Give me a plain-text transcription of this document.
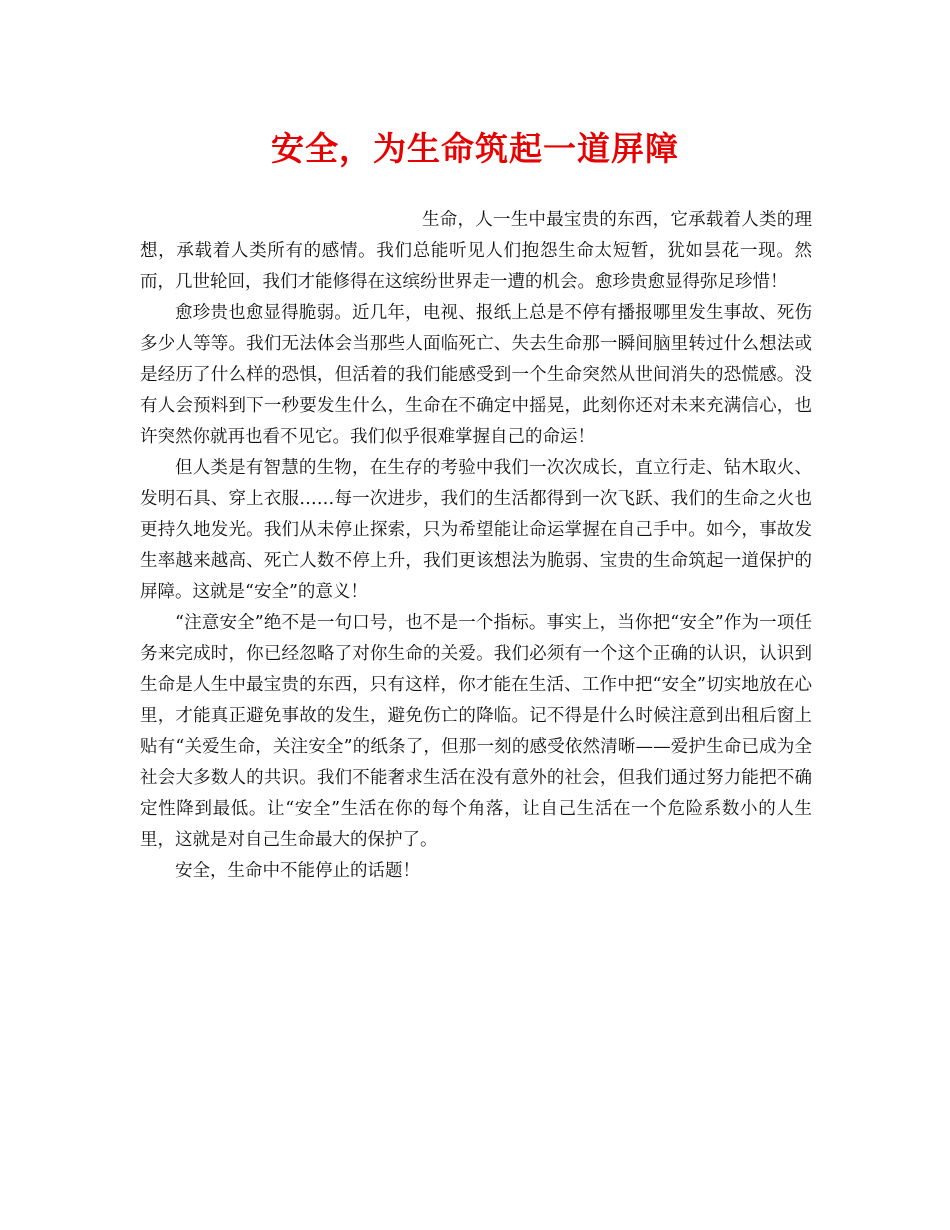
安全，为生命筑起一道屏障

生命，人一生中最宝贵的东西，它承载着人类的理想，承载着人类所有的感情。我们总能听见人们抱怨生命太短暂，犹如昙花一现。然而，几世轮回，我们才能修得在这缤纷世界走一遭的机会。愈珍贵愈显得弥足珍惜！

愈珍贵也愈显得脆弱。近几年，电视、报纸上总是不停有播报哪里发生事故、死伤多少人等等。我们无法体会当那些人面临死亡、失去生命那一瞬间脑里转过什么想法或是经历了什么样的恐惧，但活着的我们能感受到一个生命突然从世间消失的恐慌感。没有人会预料到下一秒要发生什么，生命在不确定中摇晃，此刻你还对未来充满信心，也许突然你就再也看不见它。我们似乎很难掌握自己的命运！

但人类是有智慧的生物，在生存的考验中我们一次次成长，直立行走、钻木取火、发明石具、穿上衣服……每一次进步，我们的生活都得到一次飞跃、我们的生命之火也更持久地发光。我们从未停止探索，只为希望能让命运掌握在自己手中。如今，事故发生率越来越高、死亡人数不停上升，我们更该想法为脆弱、宝贵的生命筑起一道保护的屏障。这就是“安全”的意义！

“注意安全”绝不是一句口号，也不是一个指标。事实上，当你把“安全”作为一项任务来完成时，你已经忽略了对你生命的关爱。我们必须有一个这个正确的认识，认识到生命是人生中最宝贵的东西，只有这样，你才能在生活、工作中把“安全”切实地放在心里，才能真正避免事故的发生，避免伤亡的降临。记不得是什么时候注意到出租后窗上贴有“关爱生命，关注安全”的纸条了，但那一刻的感受依然清晰——爱护生命已成为全社会大多数人的共识。我们不能奢求生活在没有意外的社会，但我们通过努力能把不确定性降到最低。让“安全”生活在你的每个角落，让自己生活在一个危险系数小的人生里，这就是对自己生命最大的保护了。

安全，生命中不能停止的话题！
